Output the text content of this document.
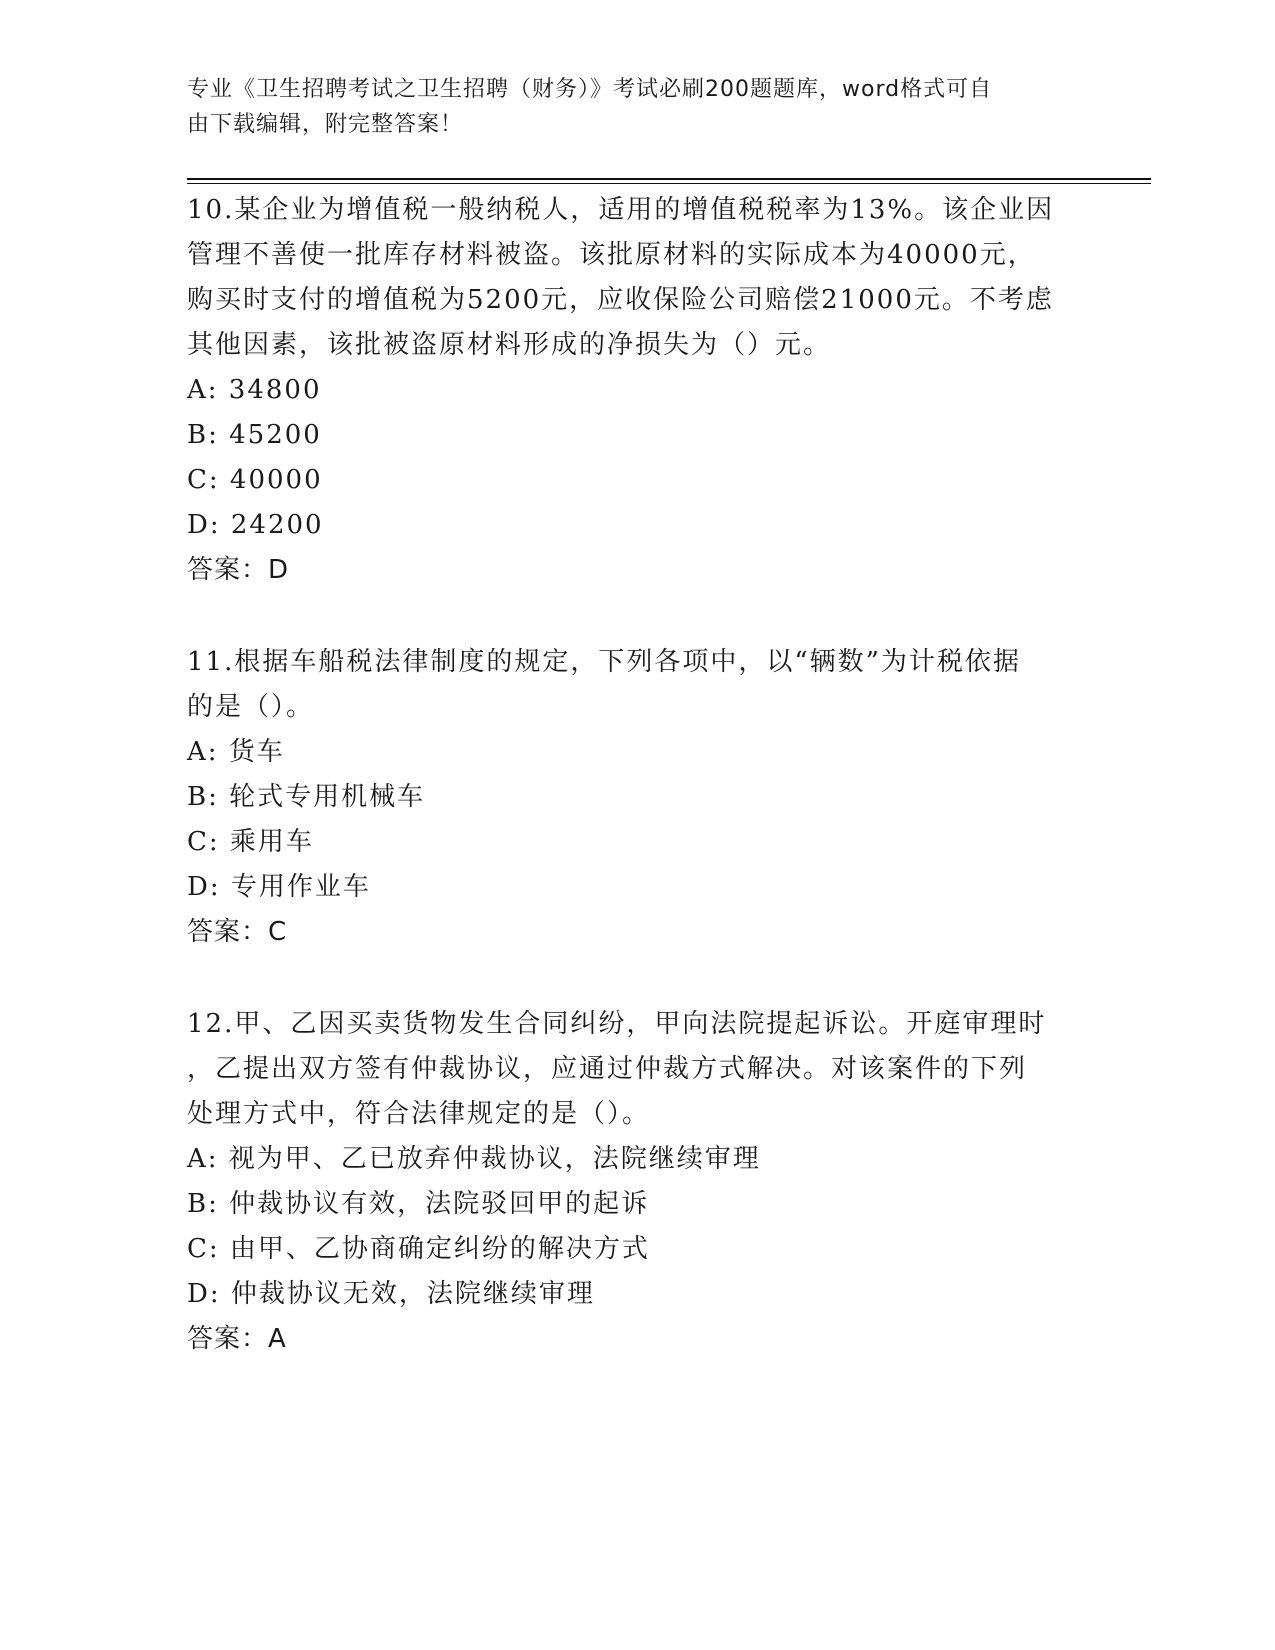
专业《卫生招聘考试之卫生招聘（财务）》考试必刷200题题库，word格式可自
由下载编辑，附完整答案！

10.某企业为增值税一般纳税人，适用的增值税税率为13%。该企业因

管理不善使一批库存材料被盗。该批原材料的实际成本为40000元，

购买时支付的增值税为5200元，应收保险公司赔偿21000元。不考虑

其他因素，该批被盗原材料形成的净损失为（）元。

A: 34800

B: 45200

C: 40000

D: 24200

答案：D

11.根据车船税法律制度的规定，下列各项中，以“辆数”为计税依据

的是（）。

A: 货车

B: 轮式专用机械车

C: 乘用车

D: 专用作业车

答案：C

12.甲、乙因买卖货物发生合同纠纷，甲向法院提起诉讼。开庭审理时

，乙提出双方签有仲裁协议，应通过仲裁方式解决。对该案件的下列

处理方式中，符合法律规定的是（）。

A: 视为甲、乙已放弃仲裁协议，法院继续审理

B: 仲裁协议有效，法院驳回甲的起诉

C: 由甲、乙协商确定纠纷的解决方式

D: 仲裁协议无效，法院继续审理

答案：A
